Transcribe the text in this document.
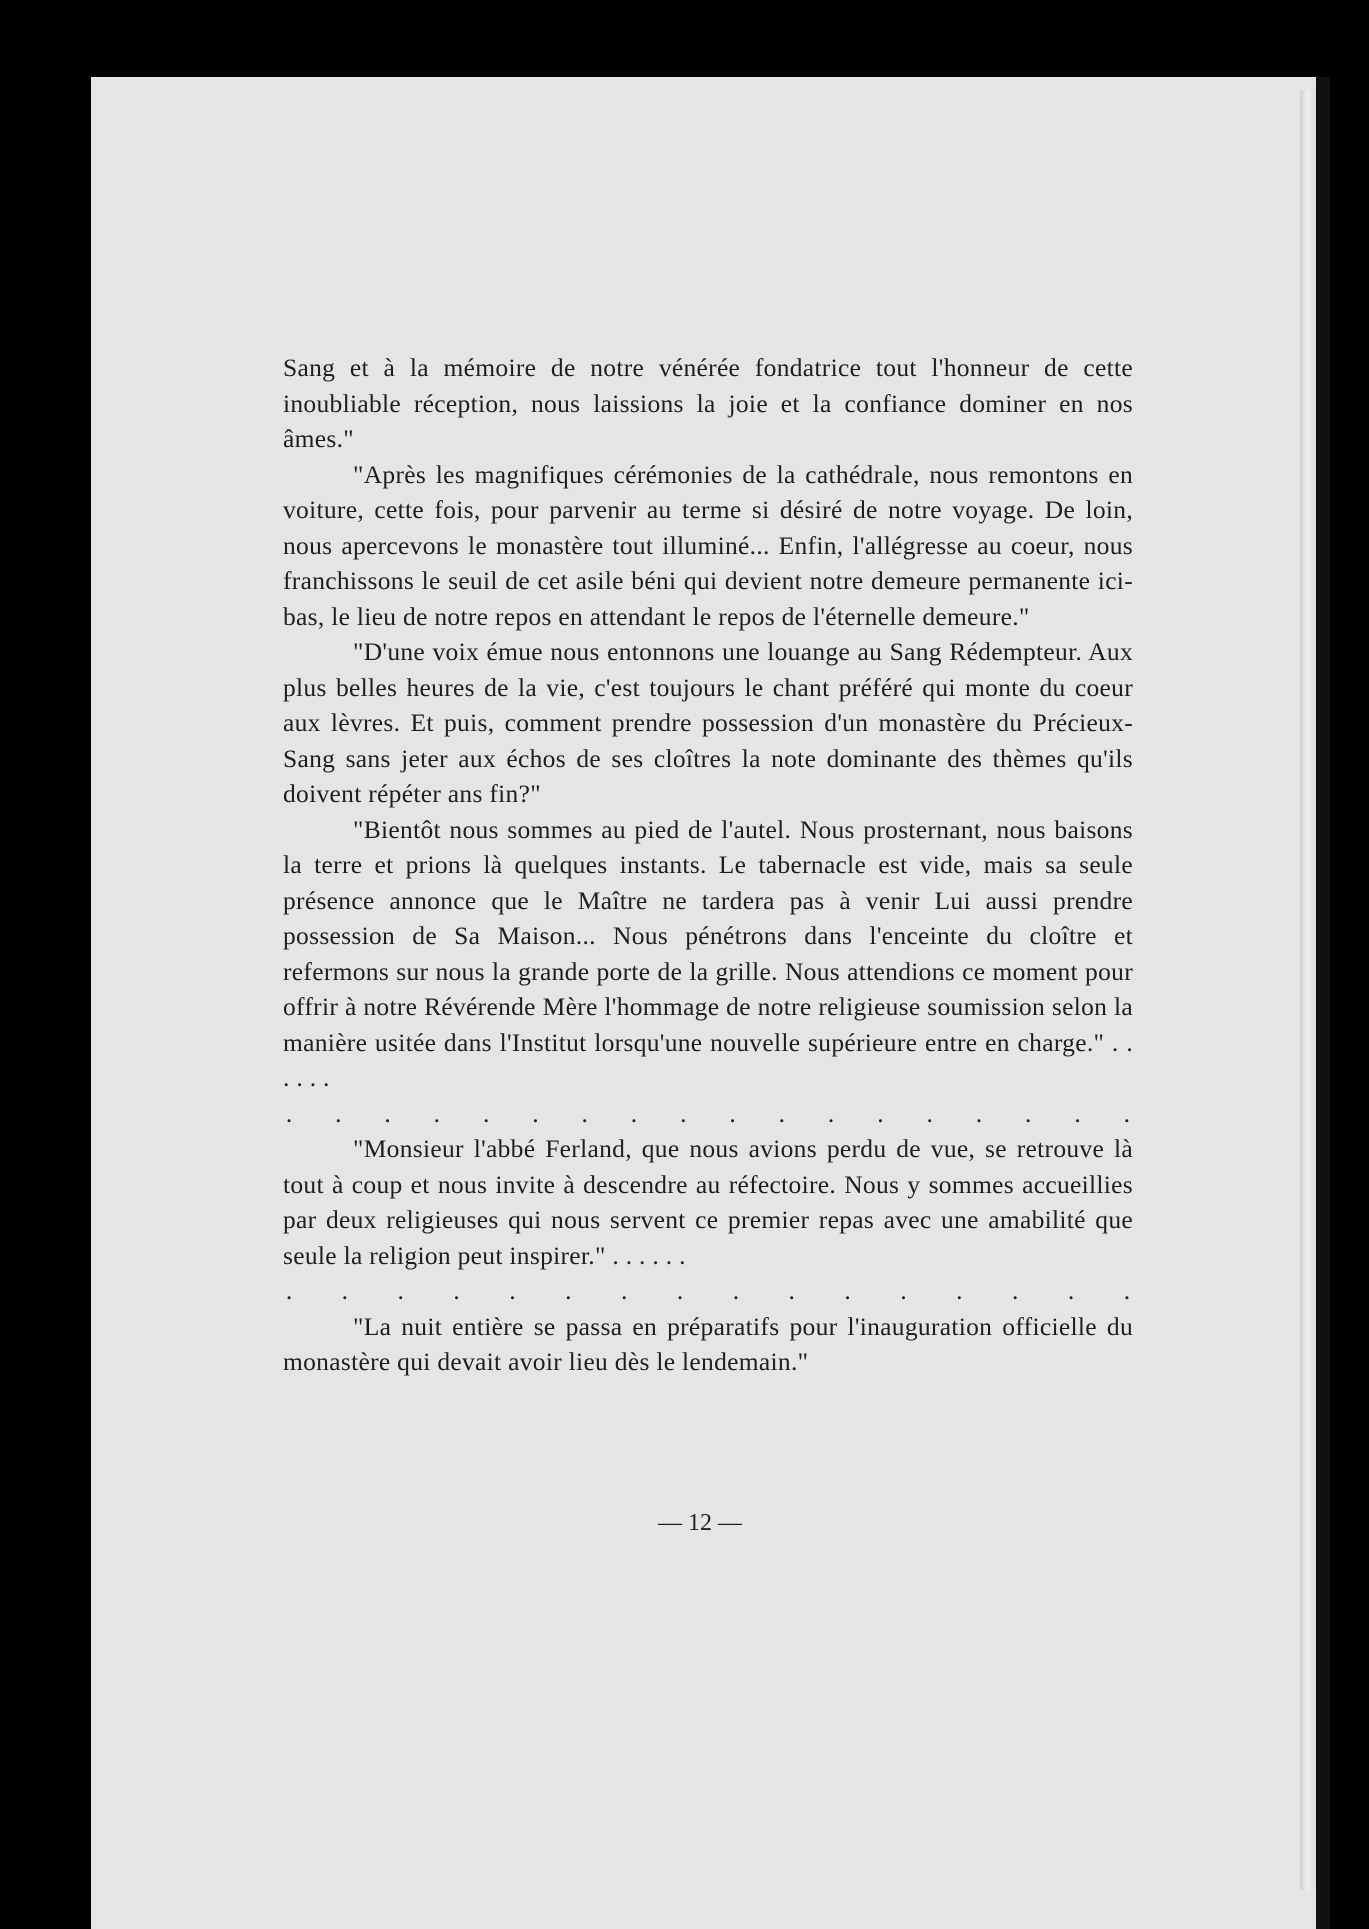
Sang et à la mémoire de notre vénérée fondatrice tout l'honneur de cette inoubliable réception, nous laissions la joie et la confiance dominer en nos âmes."

"Après les magnifiques cérémonies de la cathédrale, nous remontons en voiture, cette fois, pour parvenir au terme si désiré de notre voyage. De loin, nous apercevons le monastère tout illuminé... Enfin, l'allégresse au coeur, nous franchissons le seuil de cet asile béni qui devient notre demeure permanente ici-bas, le lieu de notre repos en attendant le repos de l'éternelle demeure."

"D'une voix émue nous entonnons une louange au Sang Rédempteur. Aux plus belles heures de la vie, c'est toujours le chant préféré qui monte du coeur aux lèvres. Et puis, comment prendre possession d'un monastère du Précieux-Sang sans jeter aux échos de ses cloîtres la note dominante des thèmes qu'ils doivent répéter ans fin?"

"Bientôt nous sommes au pied de l'autel. Nous prosternant, nous baisons la terre et prions là quelques instants. Le tabernacle est vide, mais sa seule présence annonce que le Maître ne tardera pas à venir Lui aussi prendre possession de Sa Maison... Nous pénétrons dans l'enceinte du cloître et refermons sur nous la grande porte de la grille. Nous attendions ce moment pour offrir à notre Révérende Mère l'hommage de notre religieuse soumission selon la manière usitée dans l'Institut lorsqu'une nouvelle supérieure entre en charge." . . . . . .

. . . . . . . . . . . . . . . . . .

"Monsieur l'abbé Ferland, que nous avions perdu de vue, se retrouve là tout à coup et nous invite à descendre au réfectoire. Nous y sommes accueillies par deux religieuses qui nous servent ce premier repas avec une amabilité que seule la religion peut inspirer." . . . . . .

. . . . . . . . . . . . . . . .

"La nuit entière se passa en préparatifs pour l'inauguration officielle du monastère qui devait avoir lieu dès le lendemain."

— 12 —
